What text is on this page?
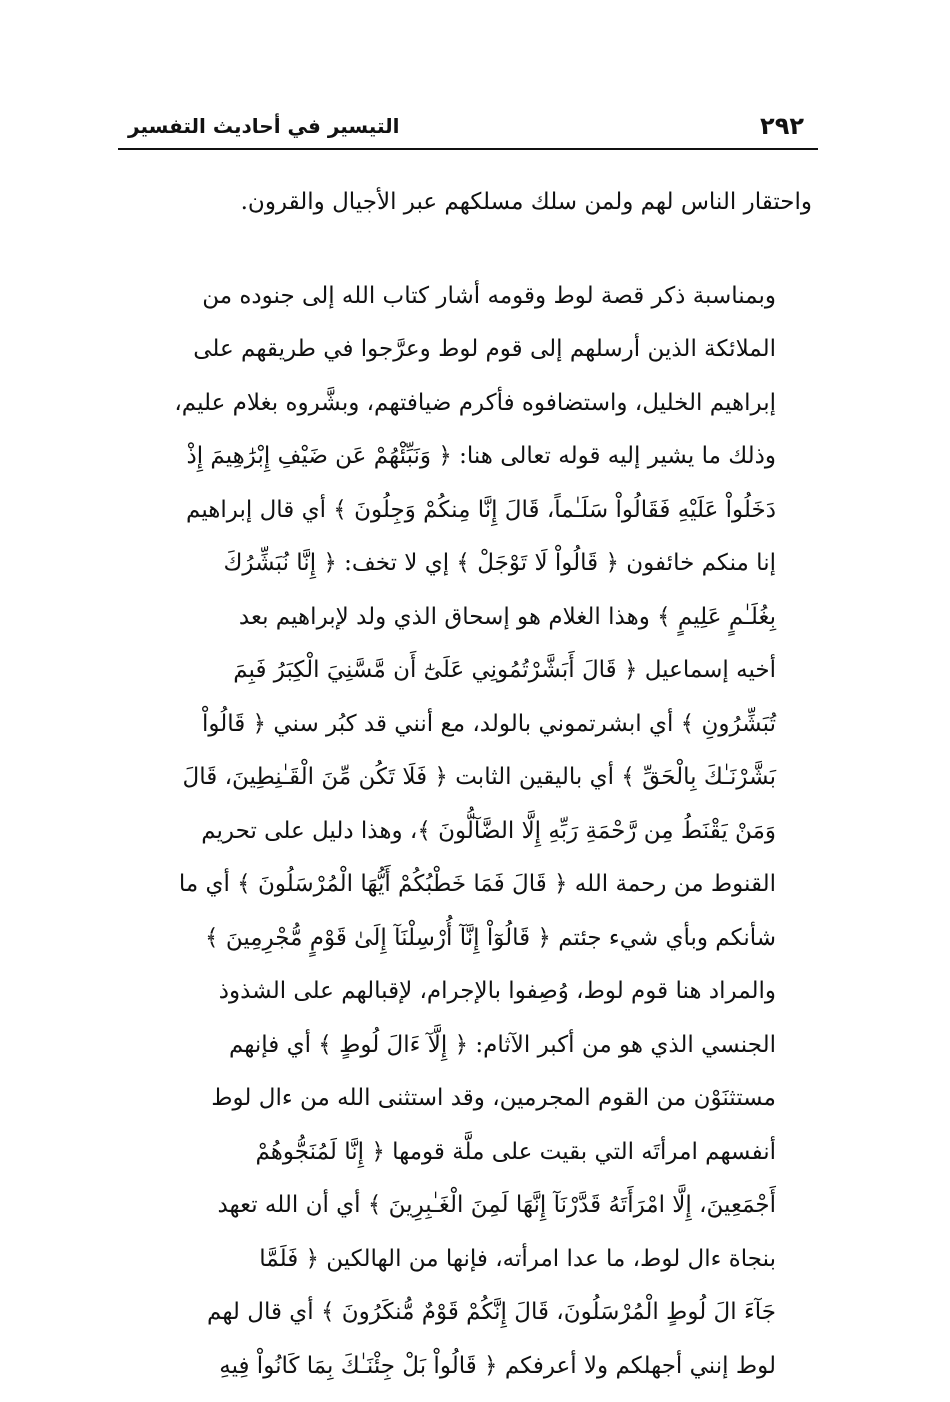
٢٩٢
التيسير في أحاديث التفسير

واحتقار الناس لهم ولمن سلك مسلكهم عبر الأجيال والقرون.

وبمناسبة ذكر قصة لوط وقومه أشار كتاب الله إلى جنوده من
الملائكة الذين أرسلهم إلى قوم لوط وعرَّجوا في طريقهم على
إبراهيم الخليل، واستضافوه فأكرم ضيافتهم، وبشَّروه بغلام عليم،
وذلك ما يشير إليه قوله تعالى هنا: ﴿ وَنَبِّئْهُمْ عَن ضَيْفِ إِبْرَٰهِيمَ إِذْ
دَخَلُواْ عَلَيْهِ فَقَالُواْ سَلَـٰماً، قَالَ إِنَّا مِنكُمْ وَجِلُونَ ﴾ أي قال إبراهيم
إنا منكم خائفون ﴿ قَالُواْ لَا تَوْجَلْ ﴾ إي لا تخف: ﴿ إِنَّا نُبَشِّرُكَ
بِغُلَـٰمٍ عَلِيمٍ ﴾ وهذا الغلام هو إسحاق الذي ولد لإبراهيم بعد
أخيه إسماعيل ﴿ قَالَ أَبَشَّرْتُمُونِي عَلَىٰٓ أَن مَّسَّنِيَ الْكِبَرُ فَبِمَ
تُبَشِّرُونِ ﴾ أي ابشرتموني بالولد، مع أنني قد كبُر سني ﴿ قَالُواْ
بَشَّرْنَـٰكَ بِالْحَقِّ ﴾ أي باليقين الثابت ﴿ فَلَا تَكُن مِّنَ الْقَـٰنِطِينَ، قَالَ
وَمَنْ يَقْنَطُ مِن رَّحْمَةِ رَبِّهِ إِلَّا الضَّآلُّونَ ﴾، وهذا دليل على تحريم
القنوط من رحمة الله ﴿ قَالَ فَمَا خَطْبُكُمْ أَيُّهَا الْمُرْسَلُونَ ﴾ أي ما
شأنكم وبأي شيء جئتم ﴿ قَالُوٓاْ إِنَّآ أُرْسِلْنَآ إِلَىٰ قَوْمٍ مُّجْرِمِينَ ﴾
والمراد هنا قوم لوط، وُصِفوا بالإجرام، لإقبالهم على الشذوذ
الجنسي الذي هو من أكبر الآثام: ﴿ إِلَّآ ءَالَ لُوطٍ ﴾ أي فإنهم
مستثنَوْن من القوم المجرمين، وقد استثنى الله من ءال لوط
أنفسهم امرأتَه التي بقيت على ملَّة قومها ﴿ إِنَّا لَمُنَجُّوهُمْ
أَجْمَعِينَ، إِلَّا امْرَأَتَهُ قَدَّرْنَآ إِنَّهَا لَمِنَ الْغَـٰبِرِينَ ﴾ أي أن الله تعهد
بنجاة ءال لوط، ما عدا امرأته، فإنها من الهالكين ﴿ فَلَمَّا
جَآءَ الَ لُوطٍ الْمُرْسَلُونَ، قَالَ إِنَّكُمْ قَوْمٌ مُّنكَرُونَ ﴾ أي قال لهم
لوط إنني أجهلكم ولا أعرفكم ﴿ قَالُواْ بَلْ جِئْنَـٰكَ بِمَا كَانُواْ فِيهِ
